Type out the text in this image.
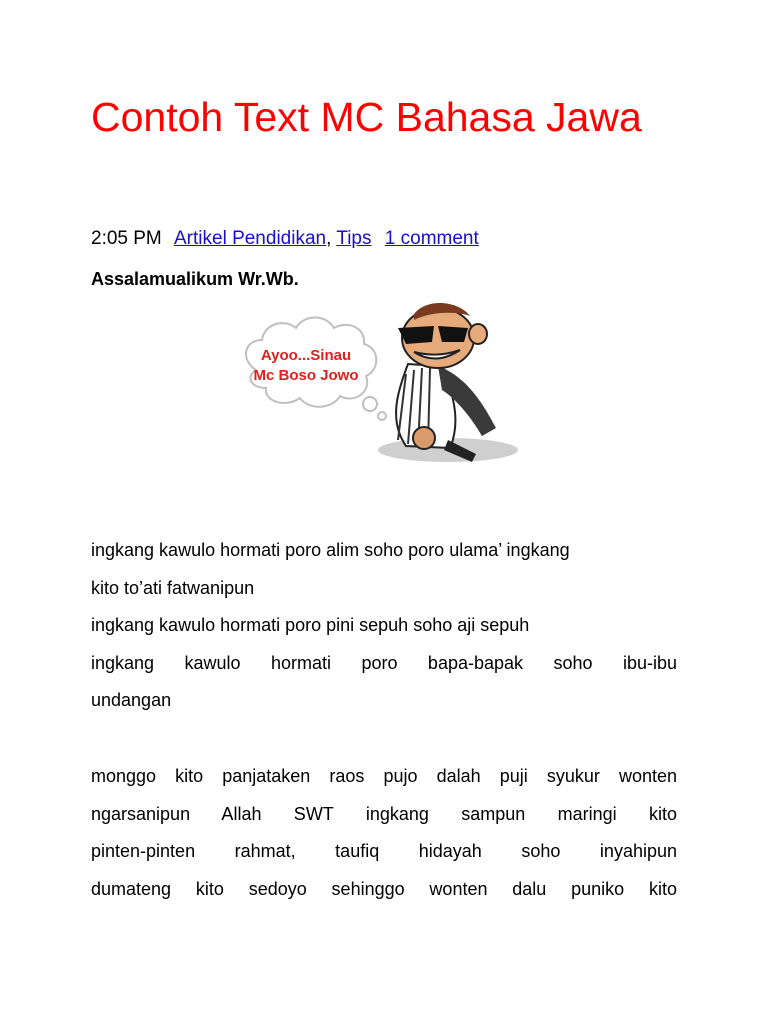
Contoh Text MC Bahasa Jawa
2:05 PM Artikel Pendidikan, Tips 1 comment
Assalamualikum Wr.Wb.
Ayoo...Sinau
Mc Boso Jowo
ingkang kawulo hormati poro alim soho poro ulama’ ingkang
kito to’ati fatwanipun
ingkang kawulo hormati poro pini sepuh soho aji sepuh
ingkang kawulo hormati poro bapa-bapak soho ibu-ibu
undangan
monggo kito panjataken raos pujo dalah puji syukur wonten
ngarsanipun Allah SWT ingkang sampun maringi kito
pinten-pinten rahmat, taufiq hidayah soho inyahipun
dumateng kito sedoyo sehinggo wonten dalu puniko kito
